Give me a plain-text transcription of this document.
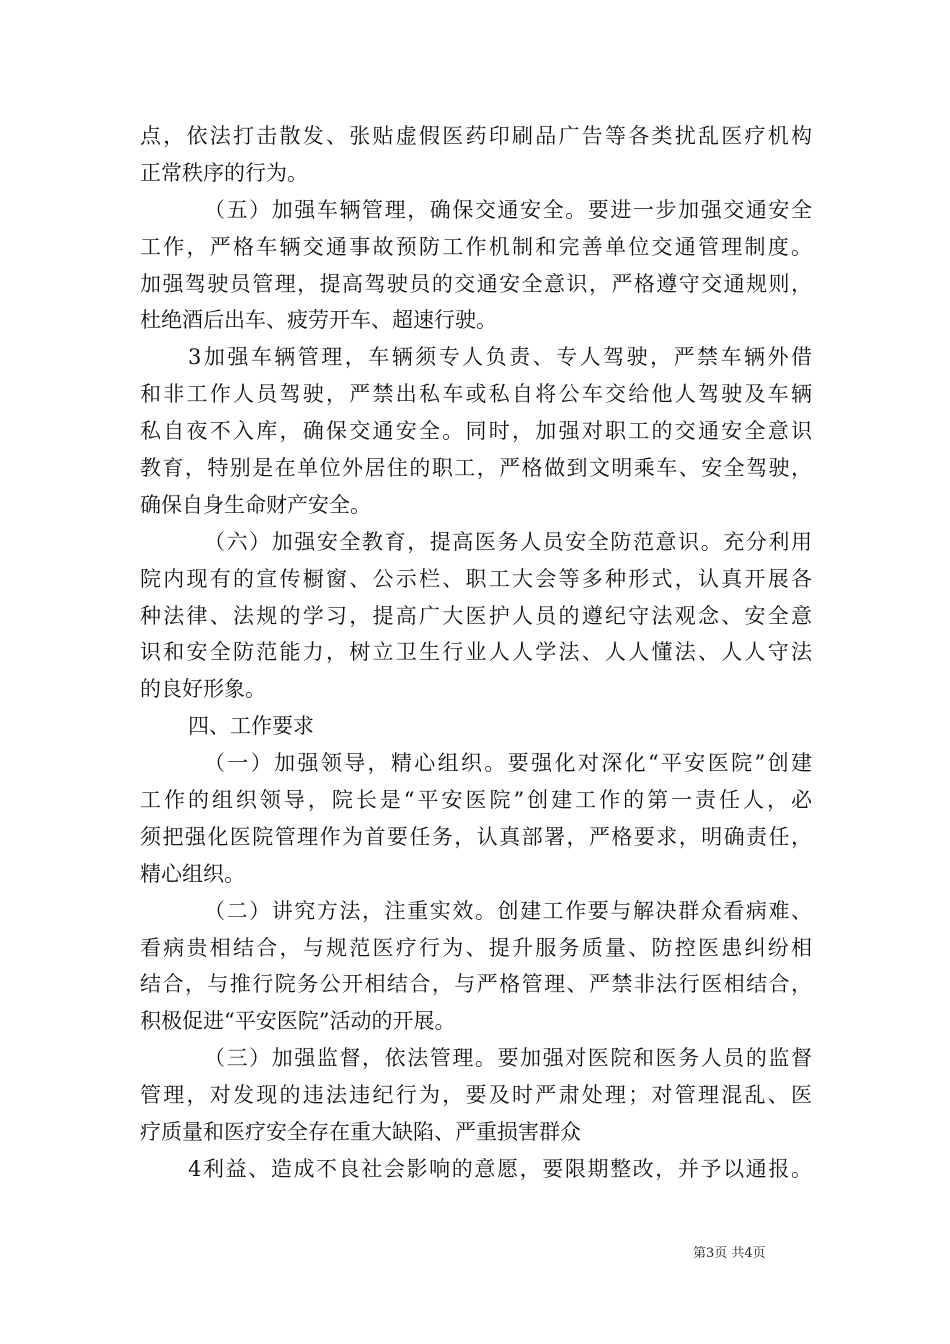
点，依法打击散发、张贴虚假医药印刷品广告等各类扰乱医疗机构
正常秩序的行为。
（五）加强车辆管理，确保交通安全。要进一步加强交通安全
工作，严格车辆交通事故预防工作机制和完善单位交通管理制度。
加强驾驶员管理，提高驾驶员的交通安全意识，严格遵守交通规则，
杜绝酒后出车、疲劳开车、超速行驶。
3加强车辆管理，车辆须专人负责、专人驾驶，严禁车辆外借
和非工作人员驾驶，严禁出私车或私自将公车交给他人驾驶及车辆
私自夜不入库，确保交通安全。同时，加强对职工的交通安全意识
教育，特别是在单位外居住的职工，严格做到文明乘车、安全驾驶，
确保自身生命财产安全。
（六）加强安全教育，提高医务人员安全防范意识。充分利用
院内现有的宣传橱窗、公示栏、职工大会等多种形式，认真开展各
种法律、法规的学习，提高广大医护人员的遵纪守法观念、安全意
识和安全防范能力，树立卫生行业人人学法、人人懂法、人人守法
的良好形象。
四、工作要求
（一）加强领导，精心组织。要强化对深化“平安医院”创建
工作的组织领导，院长是“平安医院”创建工作的第一责任人，必
须把强化医院管理作为首要任务，认真部署，严格要求，明确责任，
精心组织。
（二）讲究方法，注重实效。创建工作要与解决群众看病难、
看病贵相结合，与规范医疗行为、提升服务质量、防控医患纠纷相
结合，与推行院务公开相结合，与严格管理、严禁非法行医相结合，
积极促进“平安医院”活动的开展。
（三）加强监督，依法管理。要加强对医院和医务人员的监督
管理，对发现的违法违纪行为，要及时严肃处理；对管理混乱、医
疗质量和医疗安全存在重大缺陷、严重损害群众
4利益、造成不良社会影响的意愿，要限期整改，并予以通报。
第3页 共4页
